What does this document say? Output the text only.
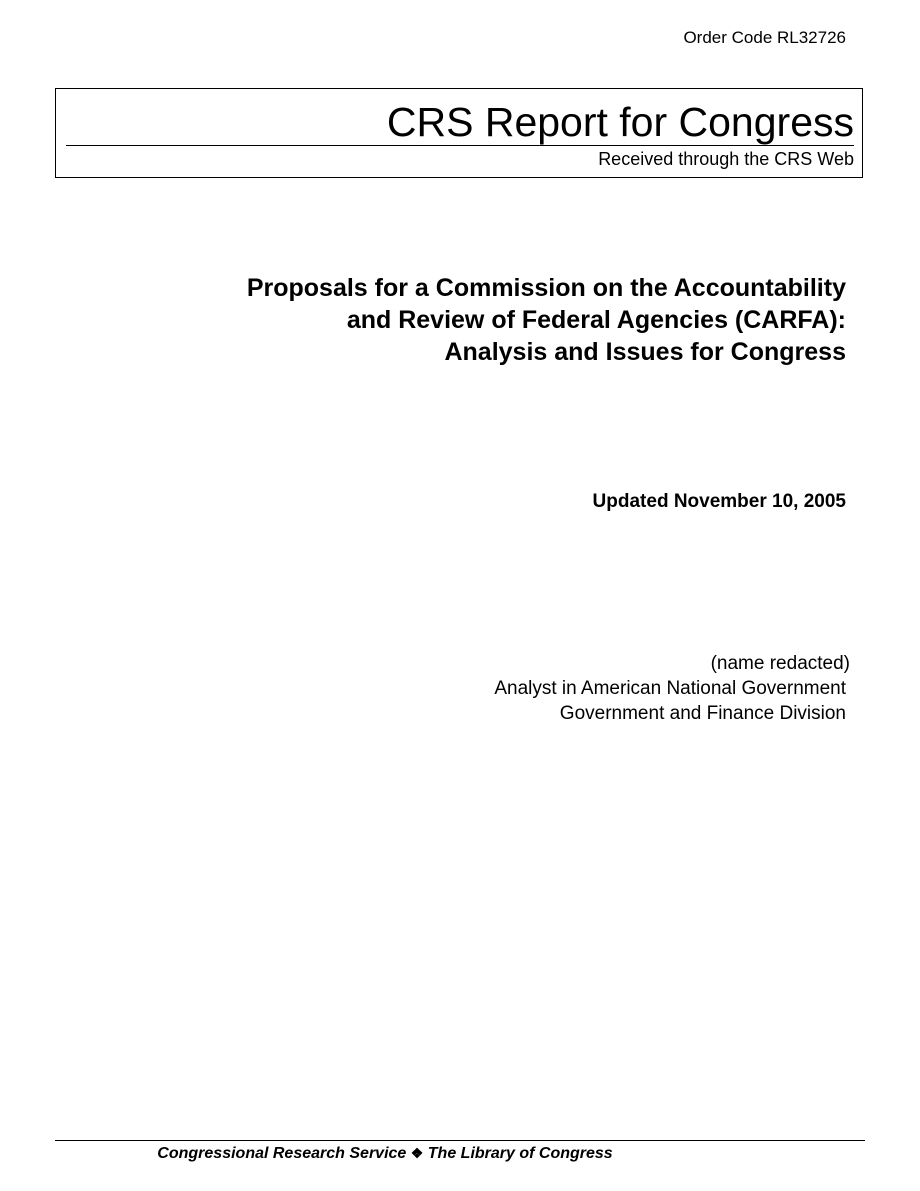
Order Code RL32726
CRS Report for Congress
Received through the CRS Web
Proposals for a Commission on the Accountability
and Review of Federal Agencies (CARFA):
Analysis and Issues for Congress
Updated November 10, 2005
(name redacted)
Analyst in American National Government
Government and Finance Division
Congressional Research Service ❖ The Library of Congress
